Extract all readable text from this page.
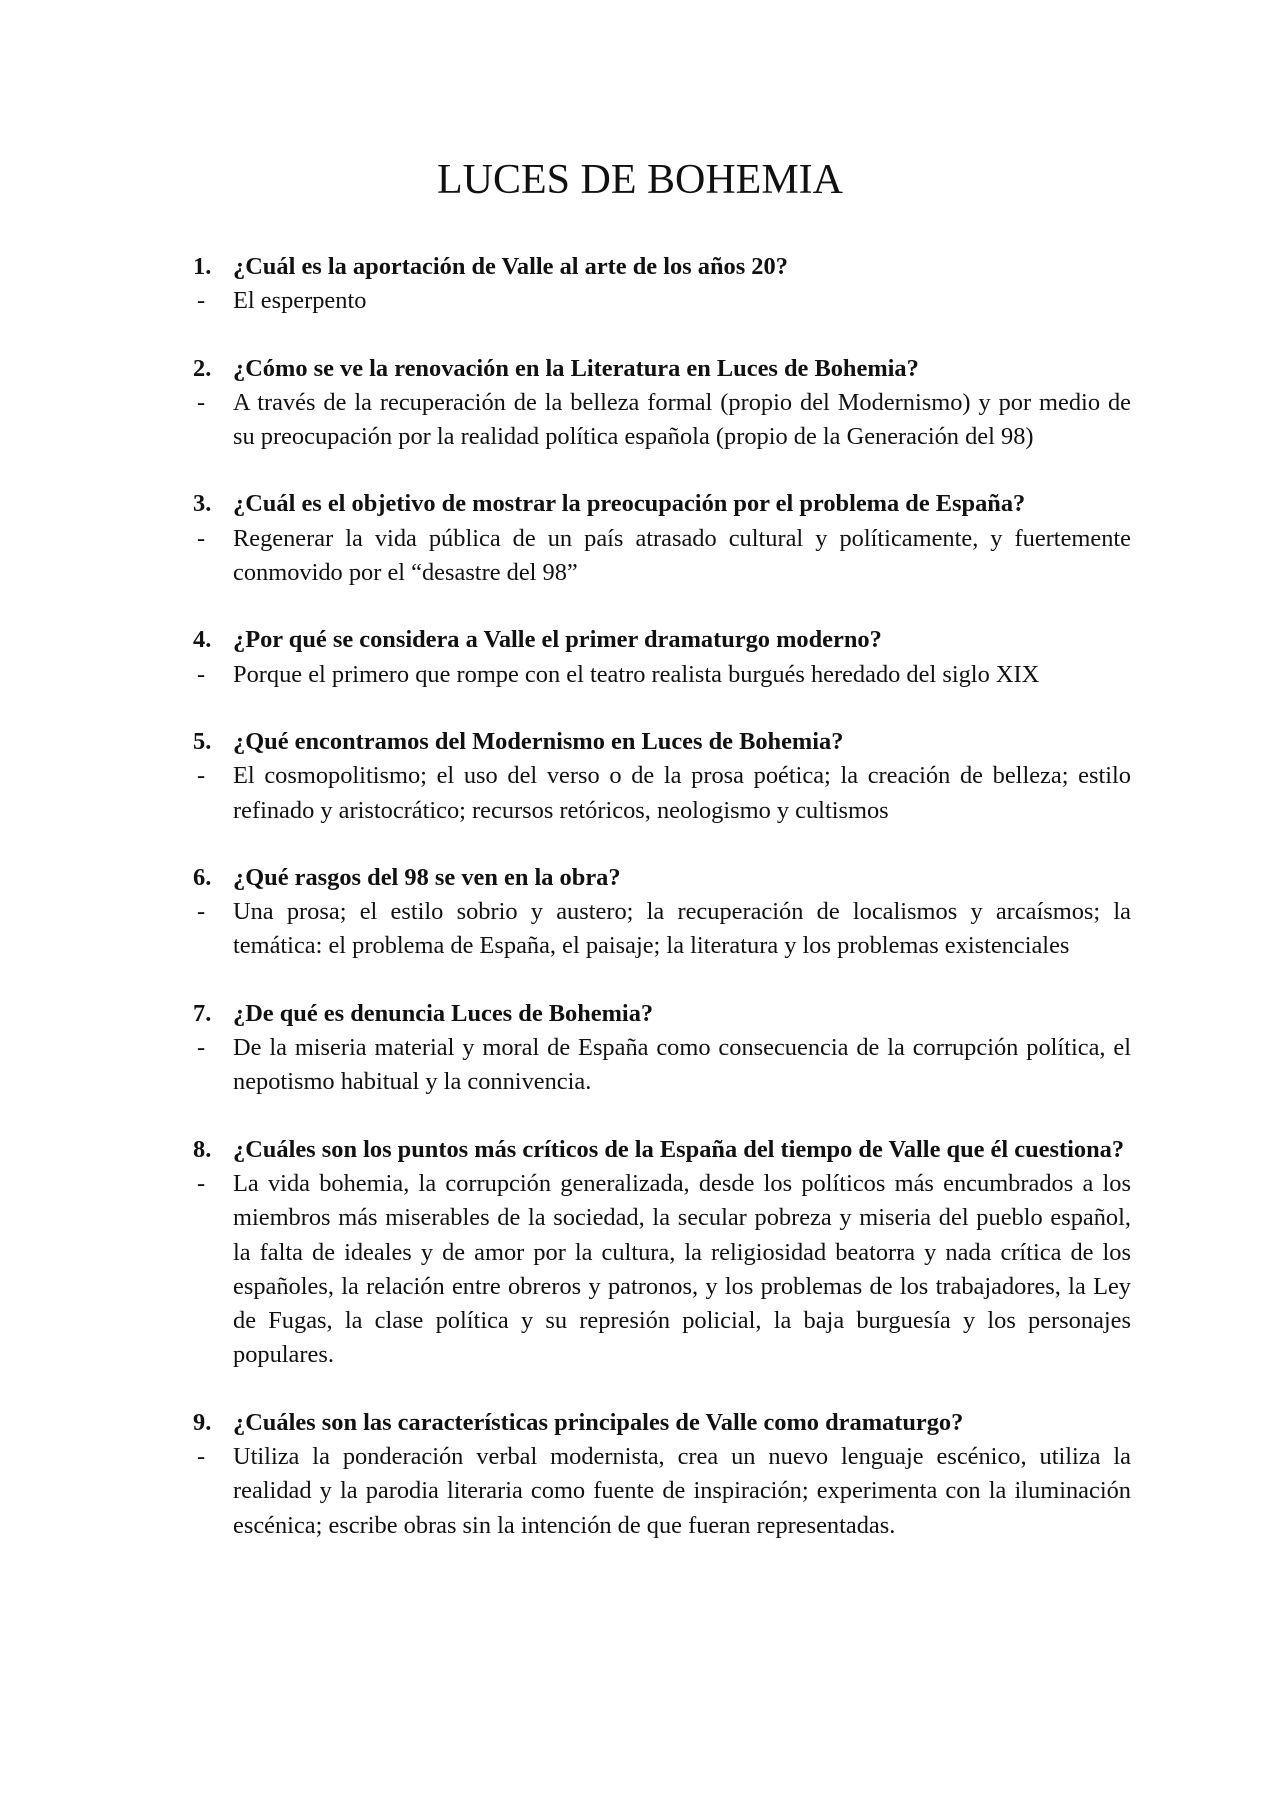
LUCES DE BOHEMIA
1. ¿Cuál es la aportación de Valle al arte de los años 20?

- El esperpento

2. ¿Cómo se ve la renovación en la Literatura en Luces de Bohemia?

- A través de la recuperación de la belleza formal (propio del Modernismo) y por medio de su preocupación por la realidad política española (propio de la Generación del 98)

3. ¿Cuál es el objetivo de mostrar la preocupación por el problema de España?

- Regenerar la vida pública de un país atrasado cultural y políticamente, y fuertemente conmovido por el “desastre del 98”

4. ¿Por qué se considera a Valle el primer dramaturgo moderno?

- Porque el primero que rompe con el teatro realista burgués heredado del siglo XIX

5. ¿Qué encontramos del Modernismo en Luces de Bohemia?

- El cosmopolitismo; el uso del verso o de la prosa poética; la creación de belleza; estilo refinado y aristocrático; recursos retóricos, neologismo y cultismos

6. ¿Qué rasgos del 98 se ven en la obra?

- Una prosa; el estilo sobrio y austero; la recuperación de localismos y arcaísmos; la temática: el problema de España, el paisaje; la literatura y los problemas existenciales

7. ¿De qué es denuncia Luces de Bohemia?

- De la miseria material y moral de España como consecuencia de la corrupción política, el nepotismo habitual y la connivencia.

8. ¿Cuáles son los puntos más críticos de la España del tiempo de Valle que él cuestiona?

- La vida bohemia, la corrupción generalizada, desde los políticos más encumbrados a los miembros más miserables de la sociedad, la secular pobreza y miseria del pueblo español, la falta de ideales y de amor por la cultura, la religiosidad beatorra y nada crítica de los españoles, la relación entre obreros y patronos, y los problemas de los trabajadores, la Ley de Fugas, la clase política y su represión policial, la baja burguesía y los personajes populares.

9. ¿Cuáles son las características principales de Valle como dramaturgo?

- Utiliza la ponderación verbal modernista, crea un nuevo lenguaje escénico, utiliza la realidad y la parodia literaria como fuente de inspiración; experimenta con la iluminación escénica; escribe obras sin la intención de que fueran representadas.
